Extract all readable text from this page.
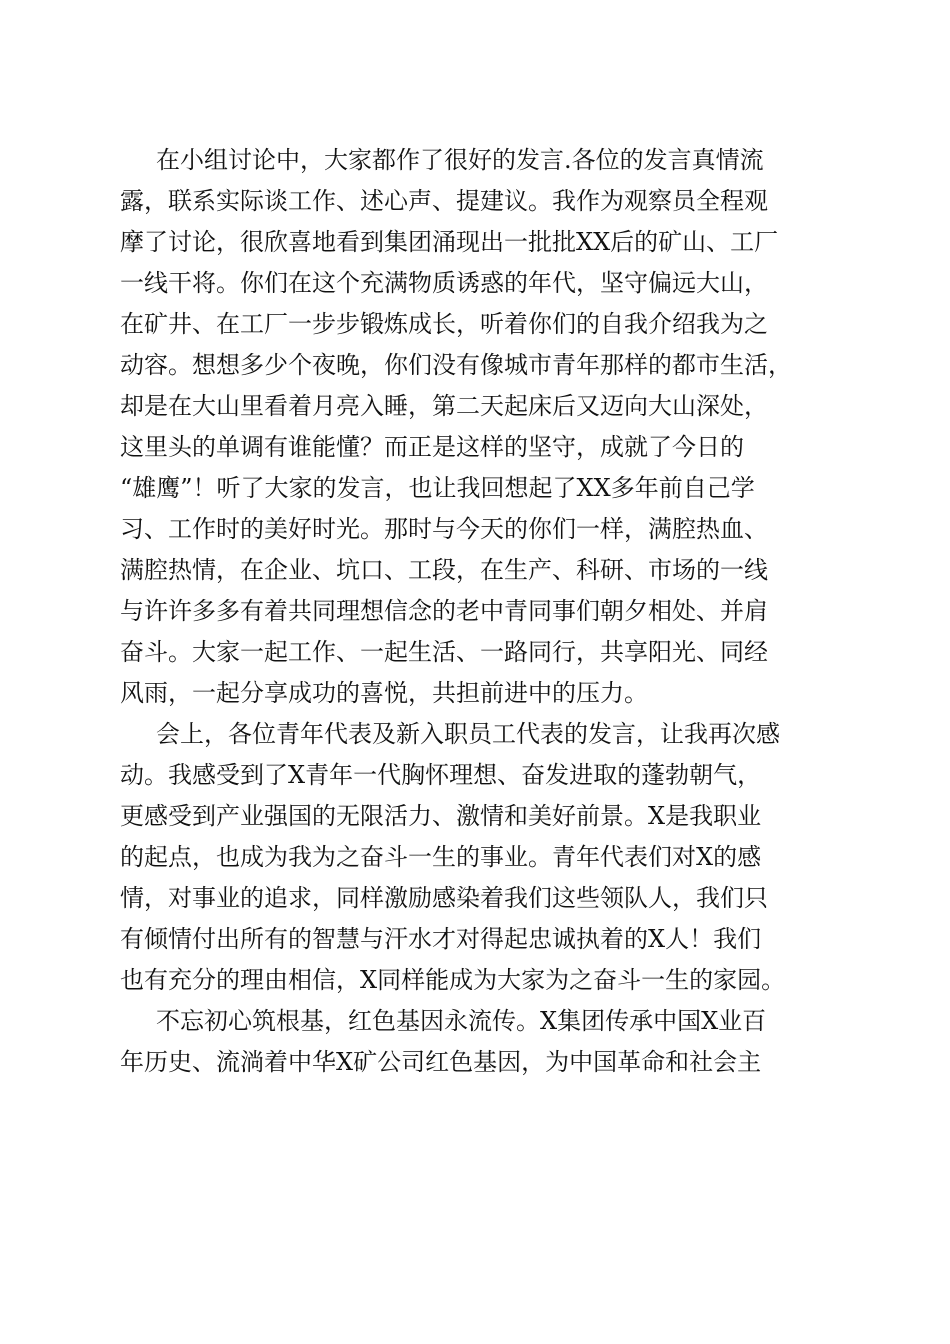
在小组讨论中，大家都作了很好的发言.各位的发言真情流
露，联系实际谈工作、述心声、提建议。我作为观察员全程观
摩了讨论，很欣喜地看到集团涌现出一批批XX后的矿山、工厂
一线干将。你们在这个充满物质诱惑的年代，坚守偏远大山，
在矿井、在工厂一步步锻炼成长，听着你们的自我介绍我为之
动容。想想多少个夜晚，你们没有像城市青年那样的都市生活，
却是在大山里看着月亮入睡，第二天起床后又迈向大山深处，
这里头的单调有谁能懂？而正是这样的坚守，成就了今日的
“雄鹰”！听了大家的发言，也让我回想起了XX多年前自己学
习、工作时的美好时光。那时与今天的你们一样，满腔热血、
满腔热情，在企业、坑口、工段，在生产、科研、市场的一线
与许许多多有着共同理想信念的老中青同事们朝夕相处、并肩
奋斗。大家一起工作、一起生活、一路同行，共享阳光、同经
风雨，一起分享成功的喜悦，共担前进中的压力。
会上，各位青年代表及新入职员工代表的发言，让我再次感
动。我感受到了X青年一代胸怀理想、奋发进取的蓬勃朝气，
更感受到产业强国的无限活力、激情和美好前景。X是我职业
的起点，也成为我为之奋斗一生的事业。青年代表们对X的感
情，对事业的追求，同样激励感染着我们这些领队人，我们只
有倾情付出所有的智慧与汗水才对得起忠诚执着的X人！我们
也有充分的理由相信，X同样能成为大家为之奋斗一生的家园。
不忘初心筑根基，红色基因永流传。X集团传承中国X业百
年历史、流淌着中华X矿公司红色基因，为中国革命和社会主
